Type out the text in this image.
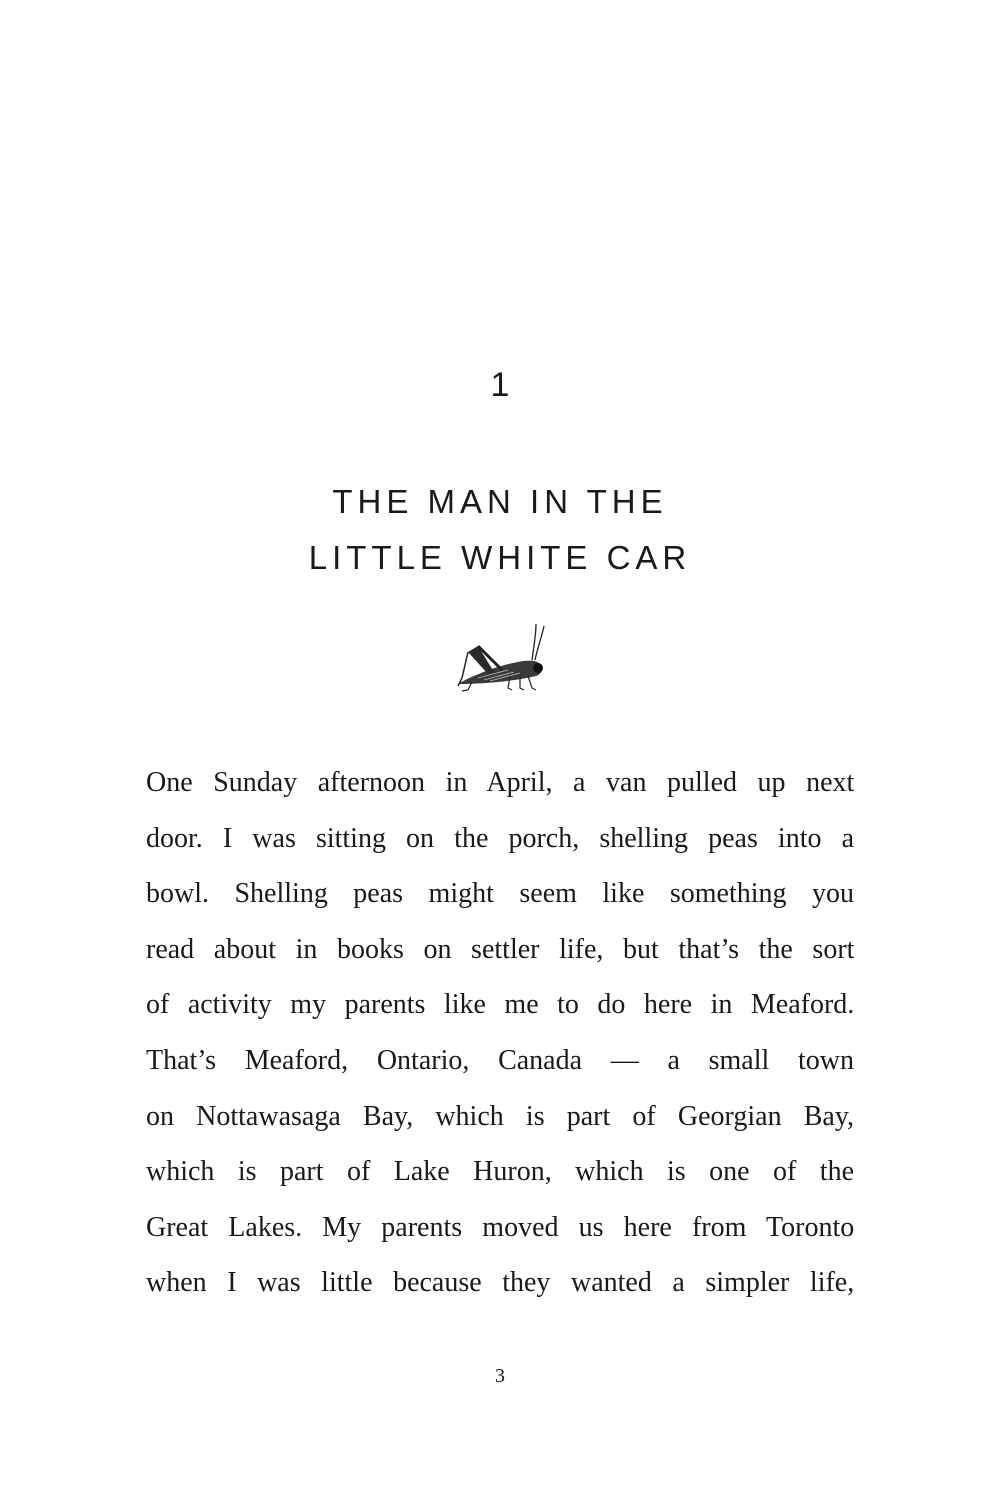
1
THE MAN IN THE
LITTLE WHITE CAR
One Sunday afternoon in April, a van pulled up next
door. I was sitting on the porch, shelling peas into a
bowl. Shelling peas might seem like something you
read about in books on settler life, but that’s the sort
of activity my parents like me to do here in Meaford.
That’s Meaford, Ontario, Canada — a small town
on Nottawasaga Bay, which is part of Georgian Bay,
which is part of Lake Huron, which is one of the
Great Lakes. My parents moved us here from Toronto
when I was little because they wanted a simpler life,
3
